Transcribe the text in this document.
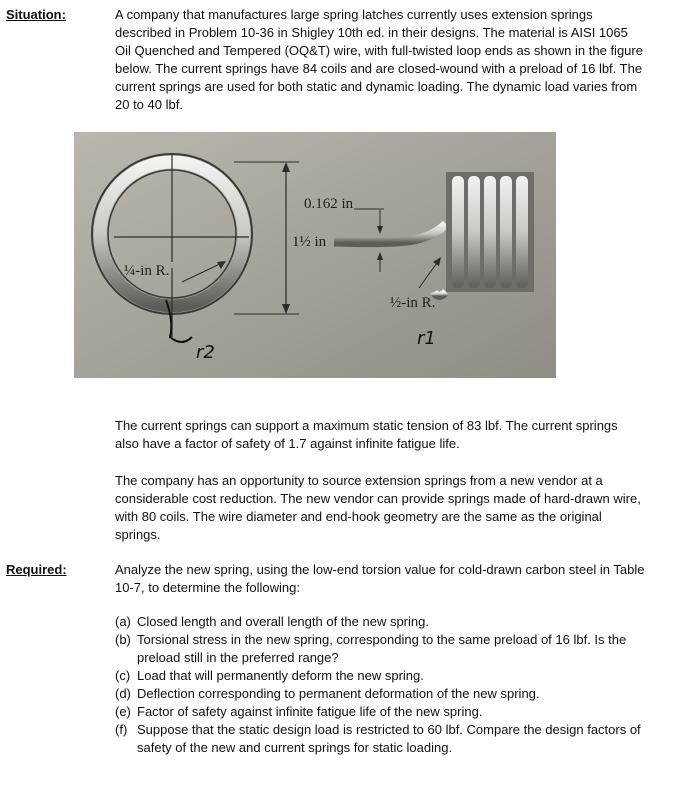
Situation:	A company that manufactures large spring latches currently uses extension springs described in Problem 10-36 in Shigley 10th ed. in their designs. The material is AISI 1065 Oil Quenched and Tempered (OQ&T) wire, with full-twisted loop ends as shown in the figure below. The current springs have 84 coils and are closed-wound with a preload of 16 lbf. The current springs are used for both static and dynamic loading. The dynamic load varies from 20 to 40 lbf.
0.162 in
1½ in
¼-in R.
½-in R.
r2
r1
The current springs can support a maximum static tension of 83 lbf. The current springs also have a factor of safety of 1.7 against infinite fatigue life.
The company has an opportunity to source extension springs from a new vendor at a considerable cost reduction. The new vendor can provide springs made of hard-drawn wire, with 80 coils. The wire diameter and end-hook geometry are the same as the original springs.
Required:	Analyze the new spring, using the low-end torsion value for cold-drawn carbon steel in Table 10-7, to determine the following:
(a) Closed length and overall length of the new spring.
(b) Torsional stress in the new spring, corresponding to the same preload of 16 lbf. Is the preload still in the preferred range?
(c) Load that will permanently deform the new spring.
(d) Deflection corresponding to permanent deformation of the new spring.
(e) Factor of safety against infinite fatigue life of the new spring.
(f) Suppose that the static design load is restricted to 60 lbf. Compare the design factors of safety of the new and current springs for static loading.
